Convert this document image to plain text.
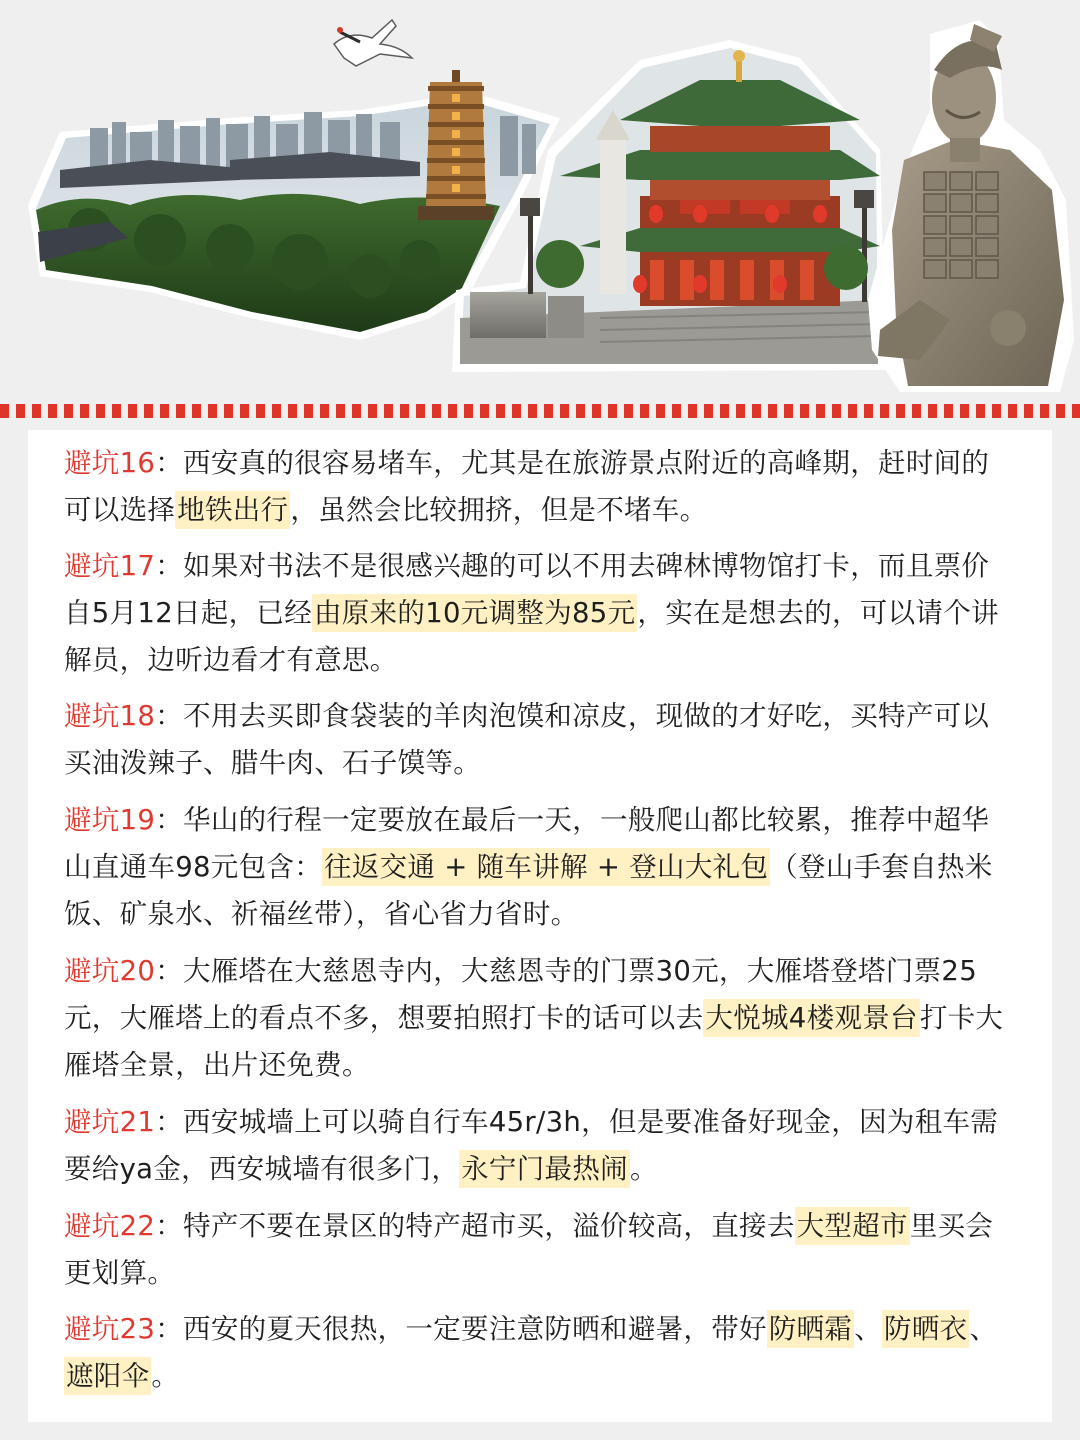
避坑16：西安真的很容易堵车，尤其是在旅游景点附近的高峰期，赶时间的可以选择地铁出行，虽然会比较拥挤，但是不堵车。

避坑17：如果对书法不是很感兴趣的可以不用去碑林博物馆打卡，而且票价自5月12日起，已经由原来的10元调整为85元，实在是想去的，可以请个讲解员，边听边看才有意思。

避坑18：不用去买即食袋装的羊肉泡馍和凉皮，现做的才好吃，买特产可以买油泼辣子、腊牛肉、石子馍等。

避坑19：华山的行程一定要放在最后一天，一般爬山都比较累，推荐中超华山直通车98元包含：往返交通 + 随车讲解 + 登山大礼包（登山手套自热米饭、矿泉水、祈福丝带），省心省力省时。

避坑20：大雁塔在大慈恩寺内，大慈恩寺的门票30元，大雁塔登塔门票25元，大雁塔上的看点不多，想要拍照打卡的话可以去大悦城4楼观景台打卡大雁塔全景，出片还免费。

避坑21：西安城墙上可以骑自行车45r/3h，但是要准备好现金，因为租车需要给ya金，西安城墙有很多门，永宁门最热闹。

避坑22：特产不要在景区的特产超市买，溢价较高，直接去大型超市里买会更划算。

避坑23：西安的夏天很热，一定要注意防晒和避暑，带好防晒霜、防晒衣、遮阳伞。
